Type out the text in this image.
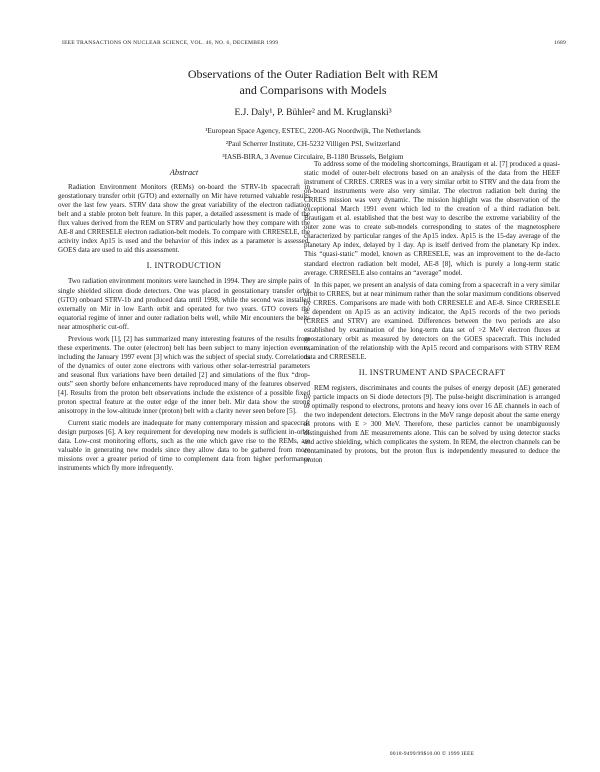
IEEE TRANSACTIONS ON NUCLEAR SCIENCE, VOL. 46, NO. 6, DECEMBER 1999	1689
Observations of the Outer Radiation Belt with REM
and Comparisons with Models
E.J. Daly¹, P. Bühler² and M. Kruglanski³
¹European Space Agency, ESTEC, 2200-AG Noordwijk, The Netherlands
²Paul Scherrer Institute, CH-5232 Villigen PSI, Switzerland
³IASB-BIRA, 3 Avenue Circulaire, B-1180 Brussels, Belgium
Abstract

Radiation Environment Monitors (REMs) on-board the STRV-1b spacecraft in geostationary transfer orbit (GTO) and externally on Mir have returned valuable results over the last few years. STRV data show the great variability of the electron radiation belt and a stable proton belt feature. In this paper, a detailed assessment is made of the flux values derived from the REM on STRV and particularly how they compare with the AE-8 and CRRESELE electron radiation-belt models. To compare with CRRESELE, the activity index Ap15 is used and the behavior of this index as a parameter is assessed. GOES data are used to aid this assessment.

I. INTRODUCTION

Two radiation environment monitors were launched in 1994. They are simple pairs of single shielded silicon diode detectors. One was placed in geostationary transfer orbit (GTO) onboard STRV-1b and produced data until 1998, while the second was installed externally on Mir in low Earth orbit and operated for two years. GTO covers the equatorial regime of inner and outer radiation belts well, while Mir encounters the belts near atmospheric cut-off.

Previous work [1], [2] has summarized many interesting features of the results from these experiments. The outer (electron) belt has been subject to many injection events, including the January 1997 event [3] which was the subject of special study. Correlations of the dynamics of outer zone electrons with various other solar-terrestrial parameters and seasonal flux variations have been detailed [2] and simulations of the flux “drop-outs” seen shortly before enhancements have reproduced many of the features observed [4]. Results from the proton belt observations include the existence of a possible fixed proton spectral feature at the outer edge of the inner belt. Mir data show the strong anisotropy in the low-altitude inner (proton) belt with a clarity never seen before [5].

Current static models are inadequate for many contemporary mission and spacecraft design purposes [6]. A key requirement for developing new models is sufficient in-orbit data. Low-cost monitoring efforts, such as the one which gave rise to the REMs, are valuable in generating new models since they allow data to be gathered from more missions over a greater period of time to complement data from higher performance instruments which fly more infrequently.

To address some of the modeling shortcomings, Brautigam et al. [7] produced a quasi-static model of outer-belt electrons based on an analysis of the data from the HEEF instrument of CRRES. CRRES was in a very similar orbit to STRV and the data from the on-board instruments were also very similar. The electron radiation belt during the CRRES mission was very dynamic. The mission highlight was the observation of the exceptional March 1991 event which led to the creation of a third radiation belt. Brautigam et al. established that the best way to describe the extreme variability of the outer zone was to create sub-models corresponding to states of the magnetosphere characterized by particular ranges of the Ap15 index. Ap15 is the 15-day average of the planetary Ap index, delayed by 1 day. Ap is itself derived from the planetary Kp index. This “quasi-static” model, known as CRRESELE, was an improvement to the de-facto standard electron radiation belt model, AE-8 [8], which is purely a long-term static average. CRRESELE also contains an “average” model.

In this paper, we present an analysis of data coming from a spacecraft in a very similar orbit to CRRES, but at near minimum rather than the solar maximum conditions observed by CRRES. Comparisons are made with both CRRESELE and AE-8. Since CRRESELE is dependent on Ap15 as an activity indicator, the Ap15 records of the two periods (CRRES and STRV) are examined. Differences between the two periods are also established by examination of the long-term data set of >2 MeV electron fluxes at geostationary orbit as measured by detectors on the GOES spacecraft. This included examination of the relationship with the Ap15 record and comparisons with STRV REM data and CRRESELE.

II. INSTRUMENT AND SPACECRAFT

REM registers, discriminates and counts the pulses of energy deposit (ΔE) generated by particle impacts on Si diode detectors [9]. The pulse-height discrimination is arranged to optimally respond to electrons, protons and heavy ions over 16 ΔE channels in each of the two independent detectors. Electrons in the MeV range deposit about the same energy as protons with E > 300 MeV. Therefore, these particles cannot be unambiguously distinguished from ΔE measurements alone. This can be solved by using detector stacks and active shielding, which complicates the system. In REM, the electron channels can be contaminated by protons, but the proton flux is independently measured to deduce the proton

0018-9499/99$10.00 © 1999 IEEE
